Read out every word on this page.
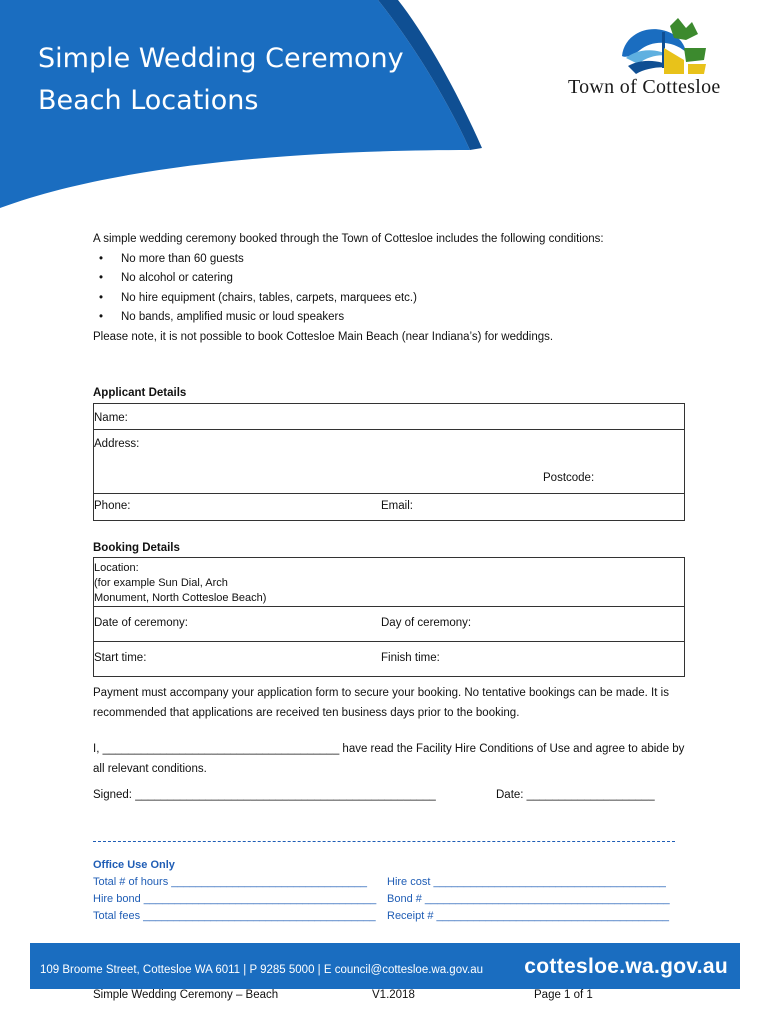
Simple Wedding Ceremony
Beach Locations	Town of Cottesloe

A simple wedding ceremony booked through the Town of Cottesloe includes the following conditions:

• No more than 60 guests
• No alcohol or catering
• No hire equipment (chairs, tables, carpets, marquees etc.)
• No bands, amplified music or loud speakers

Please note, it is not possible to book Cottesloe Main Beach (near Indiana’s) for weddings.

Applicant Details

Name:
Address:
Postcode:
Phone:	Email:

Booking Details

Location:
(for example Sun Dial, Arch
Monument, North Cottesloe Beach)
Date of ceremony:	Day of ceremony:
Start time:	Finish time:

Payment must accompany your application form to secure your booking. No tentative bookings can be made. It is recommended that applications are received ten business days prior to the booking.

I, _____________________________________ have read the Facility Hire Conditions of Use and agree to abide by all relevant conditions.

Signed: _______________________________________________	Date: ____________________
Office Use Only
Total # of hours ________________________________ Hire cost ______________________________________
Hire bond ______________________________________ Bond # ________________________________________
Total fees ______________________________________ Receipt # ______________________________________
109 Broome Street, Cottesloe WA 6011 | P 9285 5000 | E council@cottesloe.wa.gov.au cottesloe.wa.gov.au
Simple Wedding Ceremony – Beach	V1.2018	Page 1 of 1
